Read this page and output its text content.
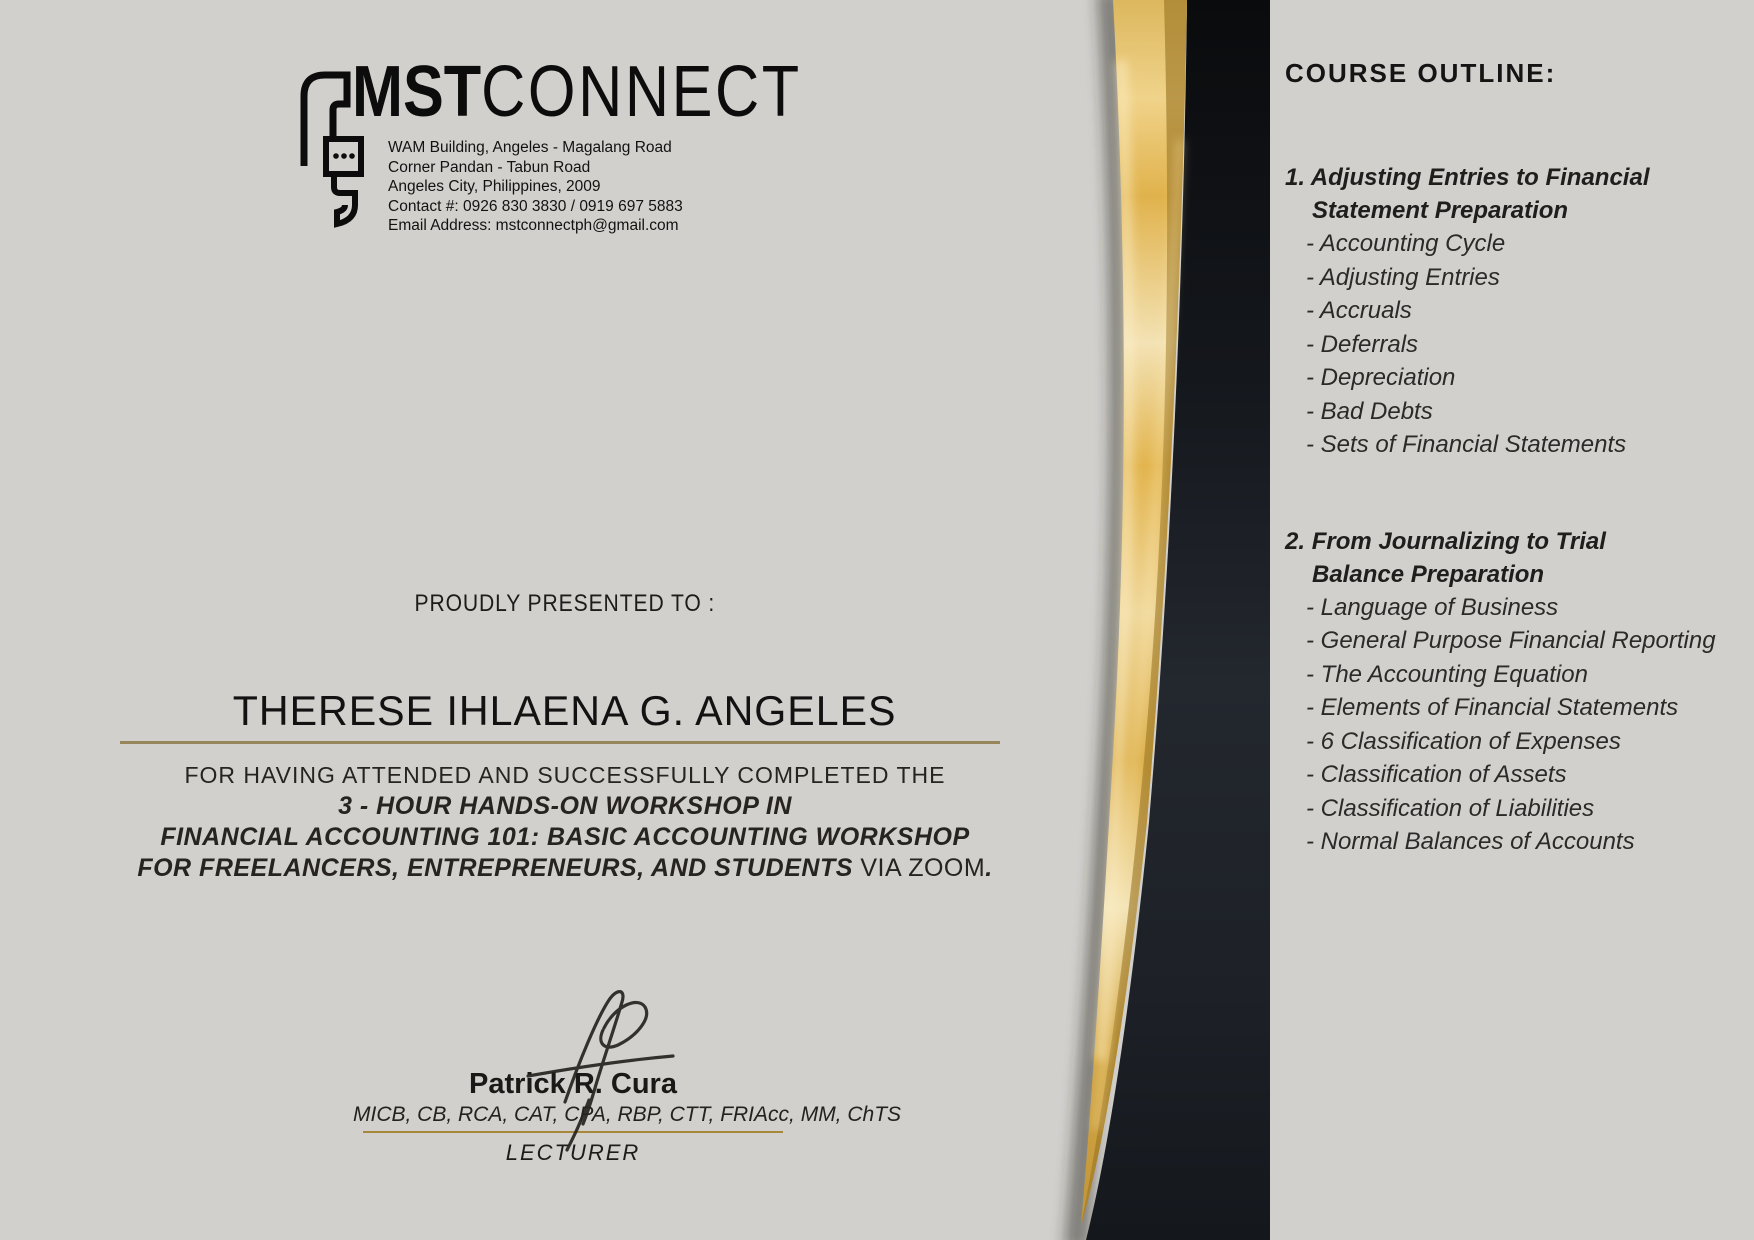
MSTCONNECT
WAM Building, Angeles - Magalang Road
Corner Pandan - Tabun Road
Angeles City, Philippines, 2009
Contact #: 0926 830 3830 / 0919 697 5883
Email Address: mstconnectph@gmail.com
CERTIFICATE
OF COMPLETION
PROUDLY PRESENTED TO :
THERESE IHLAENA G. ANGELES
FOR HAVING ATTENDED AND SUCCESSFULLY COMPLETED THE
3 - HOUR HANDS-ON WORKSHOP IN
FINANCIAL ACCOUNTING 101: BASIC ACCOUNTING WORKSHOP
FOR FREELANCERS, ENTREPRENEURS, AND STUDENTS VIA ZOOM.
Patrick R. Cura
MICB, CB, RCA, CAT, CPA, RBP, CTT, FRIAcc, MM, ChTS
LECTURER
COURSE OUTLINE:
1. Adjusting Entries to Financial
Statement Preparation
- Accounting Cycle
- Adjusting Entries
- Accruals
- Deferrals
- Depreciation
- Bad Debts
- Sets of Financial Statements
2. From Journalizing to Trial
Balance Preparation
- Language of Business
- General Purpose Financial Reporting
- The Accounting Equation
- Elements of Financial Statements
- 6 Classification of Expenses
- Classification of Assets
- Classification of Liabilities
- Normal Balances of Accounts
